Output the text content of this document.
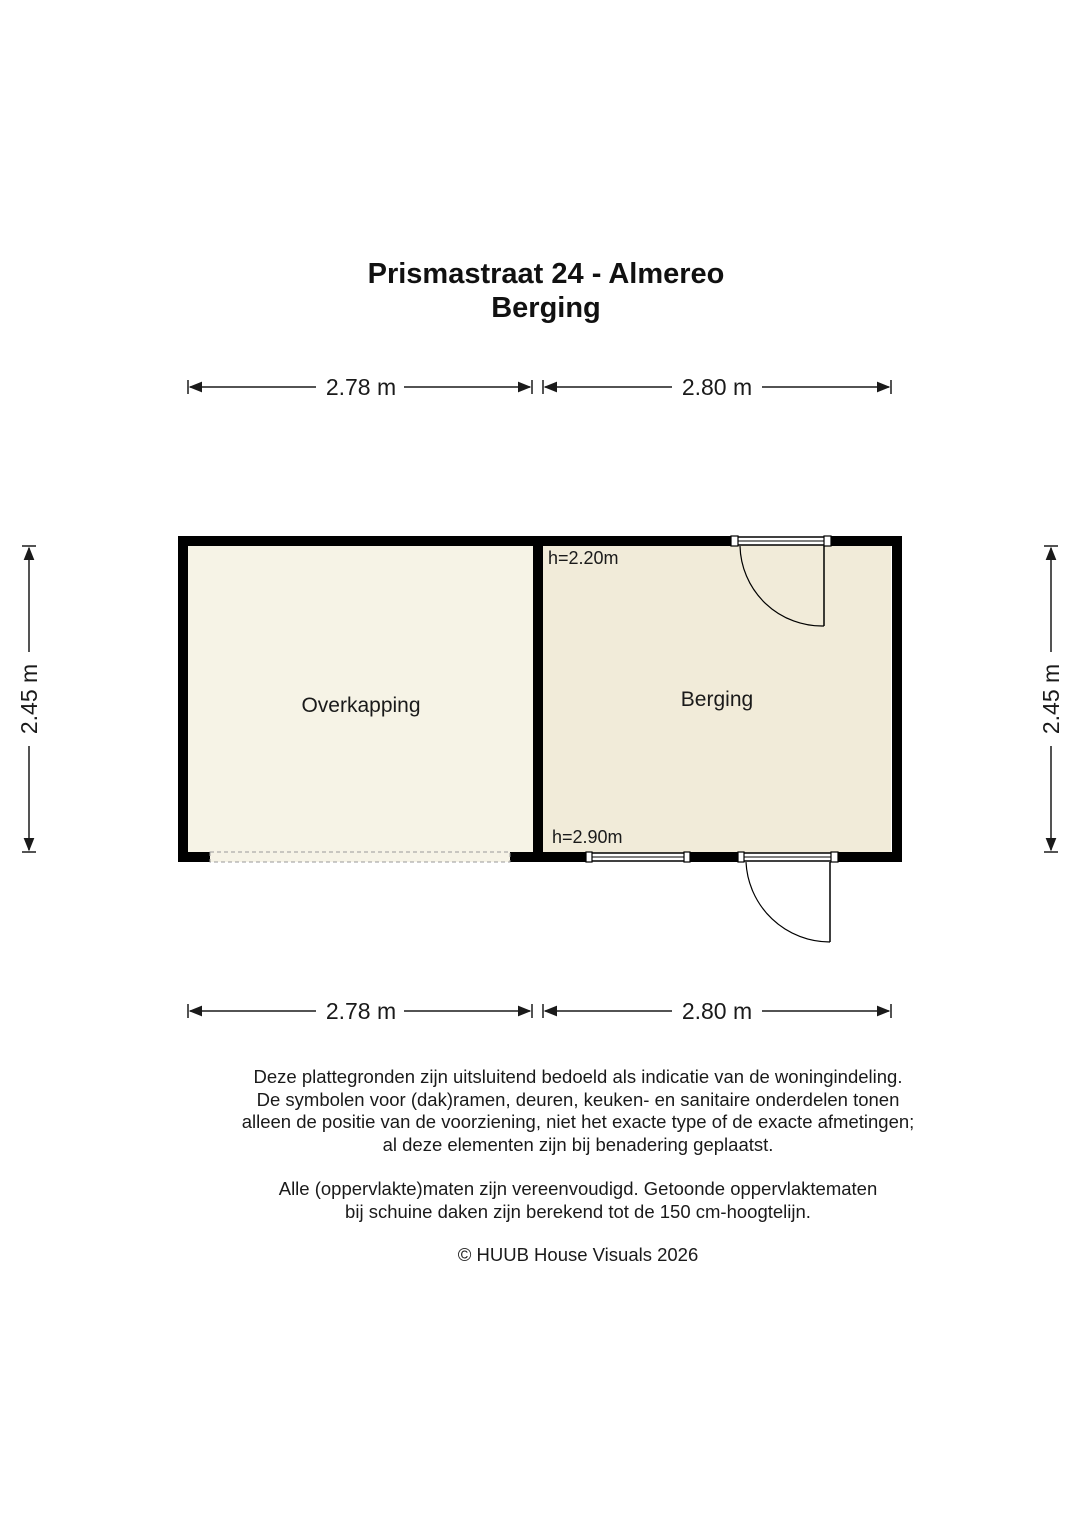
Prismastraat 24 - Almereo
Berging
2.78 m	2.80 m
2.78 m	2.80 m
2.45 m	2.45 m
Overkapping	Berging
h=2.20m
h=2.90m
Deze plattegronden zijn uitsluitend bedoeld als indicatie van de woningindeling.
De symbolen voor (dak)ramen, deuren, keuken- en sanitaire onderdelen tonen
alleen de positie van de voorziening, niet het exacte type of de exacte afmetingen;
al deze elementen zijn bij benadering geplaatst.
Alle (oppervlakte)maten zijn vereenvoudigd. Getoonde oppervlaktematen
bij schuine daken zijn berekend tot de 150 cm-hoogtelijn.
© HUUB House Visuals 2026
